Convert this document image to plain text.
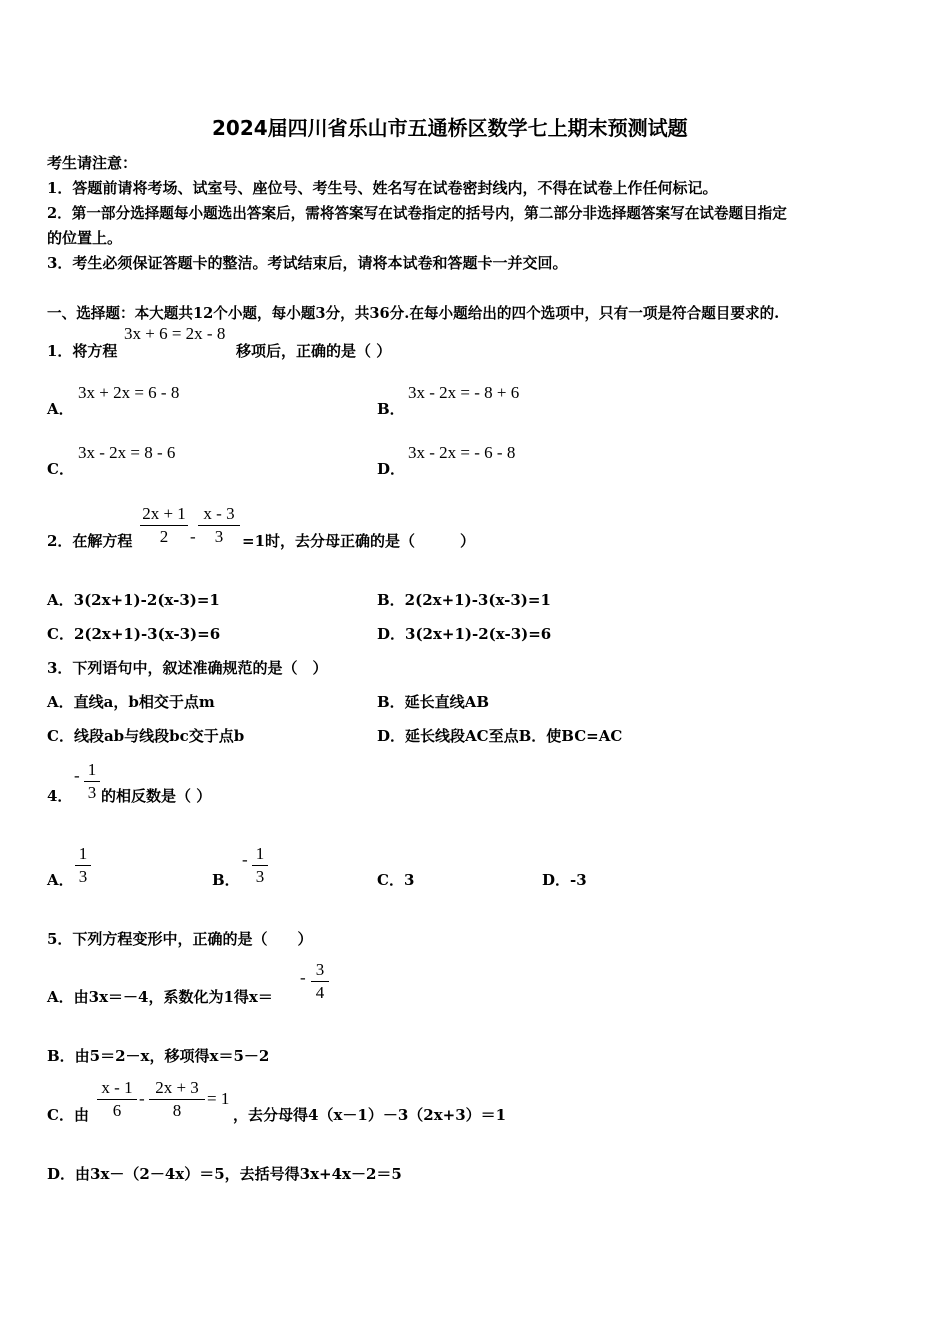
2024届四川省乐山市五通桥区数学七上期末预测试题
考生请注意：
1．答题前请将考场、试室号、座位号、考生号、姓名写在试卷密封线内，不得在试卷上作任何标记。
2．第一部分选择题每小题选出答案后，需将答案写在试卷指定的括号内，第二部分非选择题答案写在试卷题目指定
的位置上。
3．考生必须保证答题卡的整洁。考试结束后，请将本试卷和答题卡一并交回。
一、选择题：本大题共12个小题，每小题3分，共36分.在每小题给出的四个选项中，只有一项是符合题目要求的.
1．将方程
3x + 6 = 2x - 8
移项后，正确的是（ ）
A．
3x + 2x = 6 - 8
B．
3x - 2x = - 8 + 6
C．
3x - 2x = 8 - 6
D．
3x - 2x = - 6 - 8
2．在解方程
2x + 1
2	-
x - 3
3	=1时，去分母正确的是（　　　）
A．3(2x+1)-2(x-3)=1	B．2(2x+1)-3(x-3)=1
C．2(2x+1)-3(x-3)=6	D．3(2x+1)-2(x-3)=6
3．下列语句中，叙述准确规范的是（　）
A．直线a，b相交于点m	B．延长直线AB
C．线段ab与线段bc交于点b	D．延长线段AC至点B．使BC=AC
4．
- 1
3 的相反数是（ ）
A．
1
3	B．
- 1
3	C．3	D．-3
5．下列方程变形中，正确的是（　　）
A．由3x＝－4，系数化为1得x＝
- 3
4
B．由5＝2－x，移项得x＝5－2
C．由
x - 1
6
-
2x + 3
8
= 1
，去分母得4（x－1）－3（2x+3）＝1
D．由3x－（2－4x）＝5，去括号得3x+4x－2＝5
